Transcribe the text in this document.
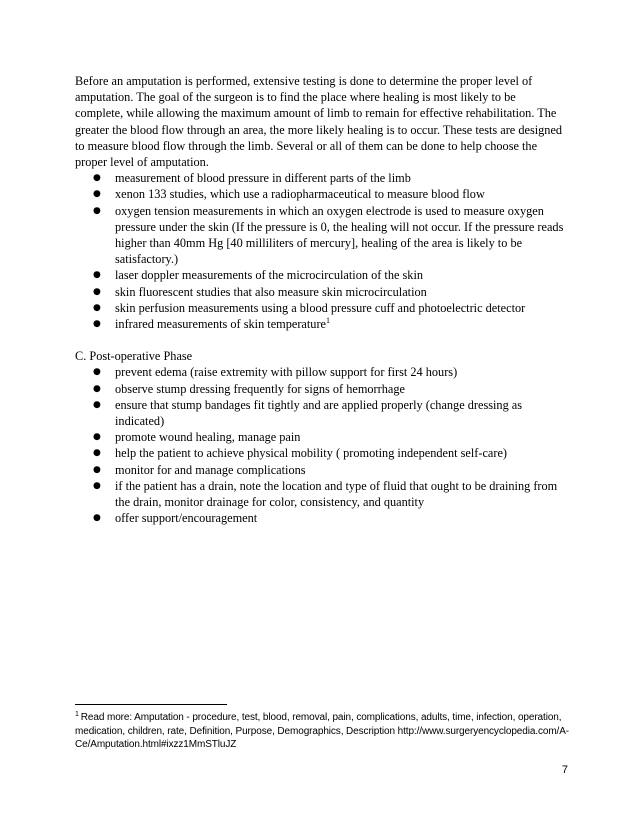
Before an amputation is performed, extensive testing is done to determine the proper level of amputation. The goal of the surgeon is to find the place where healing is most likely to be complete, while allowing the maximum amount of limb to remain for effective rehabilitation. The greater the blood flow through an area, the more likely healing is to occur. These tests are designed to measure blood flow through the limb. Several or all of them can be done to help choose the proper level of amputation.

● measurement of blood pressure in different parts of the limb
● xenon 133 studies, which use a radiopharmaceutical to measure blood flow
● oxygen tension measurements in which an oxygen electrode is used to measure oxygen pressure under the skin (If the pressure is 0, the healing will not occur. If the pressure reads higher than 40mm Hg [40 milliliters of mercury], healing of the area is likely to be satisfactory.)
● laser doppler measurements of the microcirculation of the skin
● skin fluorescent studies that also measure skin microcirculation
● skin perfusion measurements using a blood pressure cuff and photoelectric detector
● infrared measurements of skin temperature$^1$

C. Post-operative Phase

● prevent edema (raise extremity with pillow support for first 24 hours)
● observe stump dressing frequently for signs of hemorrhage
● ensure that stump bandages fit tightly and are applied properly (change dressing as indicated)
● promote wound healing, manage pain
● help the patient to achieve physical mobility ( promoting independent self-care)
● monitor for and manage complications
● if the patient has a drain, note the location and type of fluid that ought to be draining from the drain, monitor drainage for color, consistency, and quantity
● offer support/encouragement
$^1$ Read more: Amputation - procedure, test, blood, removal, pain, complications, adults, time, infection, operation, medication, children, rate, Definition, Purpose, Demographics, Description http://www.surgeryencyclopedia.com/A-Ce/Amputation.html#ixzz1MmSTluJZ
7
